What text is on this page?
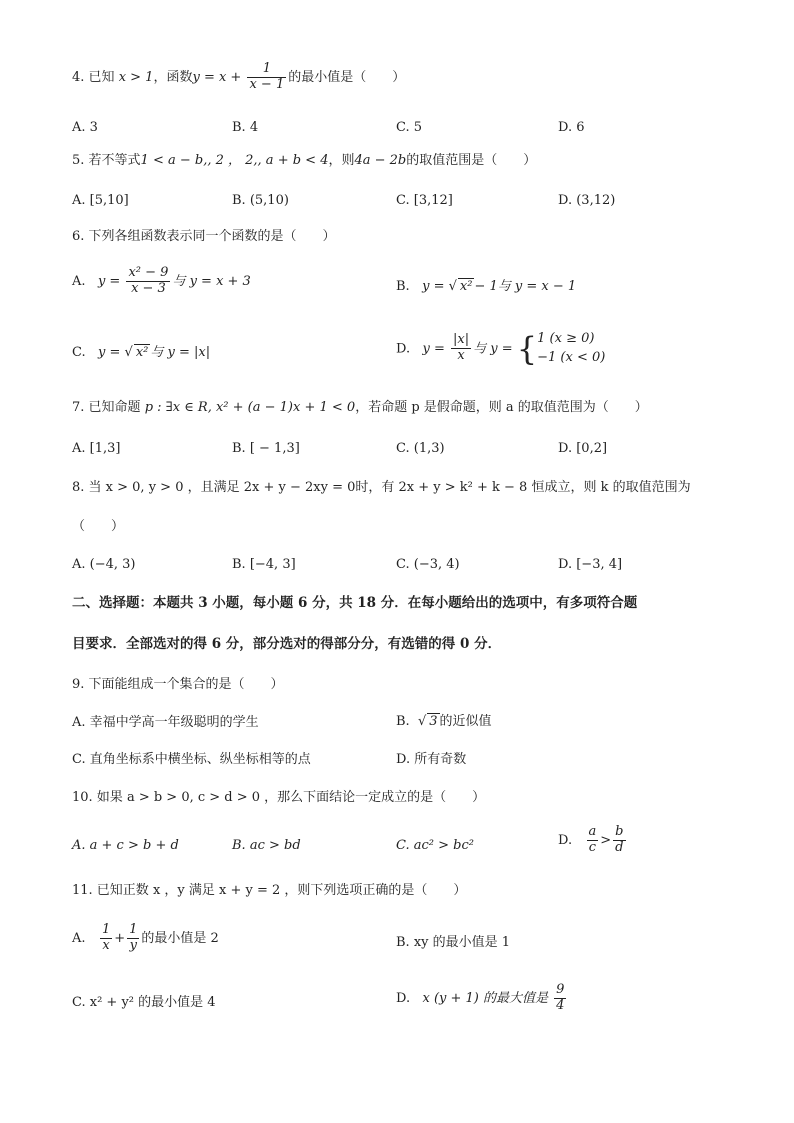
4. 已知 x > 1，函数$y = x + \frac{1}{x - 1}$ 的最小值是（　　）
A. 3	B. 4	C. 5	D. 6
5. 若不等式1 < a − b,, 2 ， 2,, a + b < 4，则4a − 2b的取值范围是（　　）
A. [5,10]	B. (5,10)	C. [3,12]	D. (3,12)
6. 下列各组函数表示同一个函数的是（　　）
A. $y = \frac{\text{x² − 9}}{x - 3}$ 与 y = x + 3	B. y = √ x² − 1与 y = x − 1
C. y = √ x² 与 y = |x|	D. $y = \frac{|x|}{x}$ 与 y = { 1 (x ≥ 0)
−1 (x < 0)
7. 已知命题 p : ∃x ∈ R, x² + (a − 1)x + 1 < 0，若命题 p 是假命题，则 a 的取值范围为（　　）
A. [1,3]	B. [ − 1,3]	C. (1,3)	D. [0,2]
8. 当 x > 0, y > 0 ，且满足 2x + y − 2xy = 0时，有 2x + y > k² + k − 8 恒成立，则 k 的取值范围为
（　　）
A. (−4, 3)	B. [−4, 3]	C. (−3, 4)	D. [−3, 4]
二、选择题：本题共 3 小题，每小题 6 分，共 18 分．在每小题给出的选项中，有多项符合题
目要求．全部选对的得 6 分，部分选对的得部分分，有选错的得 0 分．
9. 下面能组成一个集合的是（　　）
A. 幸福中学高一年级聪明的学生	B.  √ 3 的近似值
C. 直角坐标系中横坐标、纵坐标相等的点	D. 所有奇数
10. 如果 a > b > 0, c > d > 0 ，那么下面结论一定成立的是（　　）
A. a + c > b + d	B. ac > bd	C. ac² > bc²	D. $\frac{a}{c} > \frac{b}{d}$
11. 已知正数 x ，y 满足 x + y = 2 ，则下列选项正确的是（　　）
A. $\frac{1}{x} + \frac{1}{y}$ 的最小值是 2	B. xy 的最小值是 1
C. x² + y² 的最小值是 4	D. x (y + 1) 的最大值是 $\frac{9}{4}$
